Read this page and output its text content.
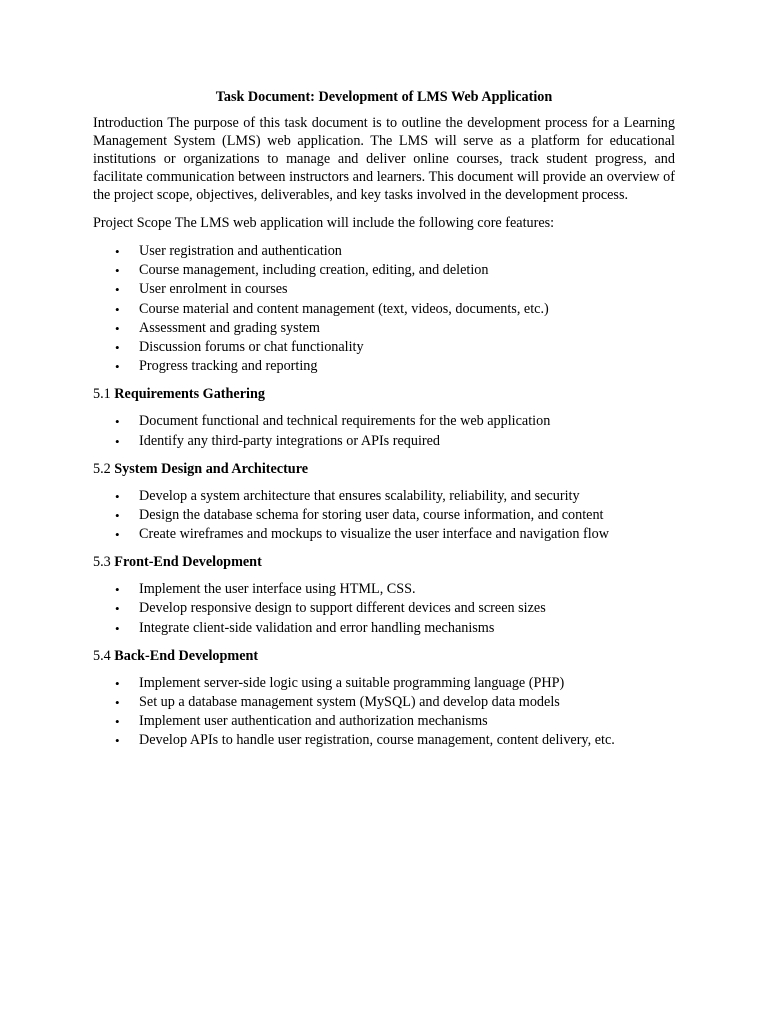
Task Document: Development of LMS Web Application

Introduction The purpose of this task document is to outline the development process for a Learning Management System (LMS) web application. The LMS will serve as a platform for educational institutions or organizations to manage and deliver online courses, track student progress, and facilitate communication between instructors and learners. This document will provide an overview of the project scope, objectives, deliverables, and key tasks involved in the development process.

Project Scope The LMS web application will include the following core features:

• User registration and authentication
• Course management, including creation, editing, and deletion
• User enrolment in courses
• Course material and content management (text, videos, documents, etc.)
• Assessment and grading system
• Discussion forums or chat functionality
• Progress tracking and reporting
5.1 Requirements Gathering
• Document functional and technical requirements for the web application
• Identify any third-party integrations or APIs required
5.2 System Design and Architecture
• Develop a system architecture that ensures scalability, reliability, and security
• Design the database schema for storing user data, course information, and content
• Create wireframes and mockups to visualize the user interface and navigation flow
5.3 Front-End Development
• Implement the user interface using HTML, CSS.
• Develop responsive design to support different devices and screen sizes
• Integrate client-side validation and error handling mechanisms
5.4 Back-End Development
• Implement server-side logic using a suitable programming language (PHP)
• Set up a database management system (MySQL) and develop data models
• Implement user authentication and authorization mechanisms
• Develop APIs to handle user registration, course management, content delivery, etc.
